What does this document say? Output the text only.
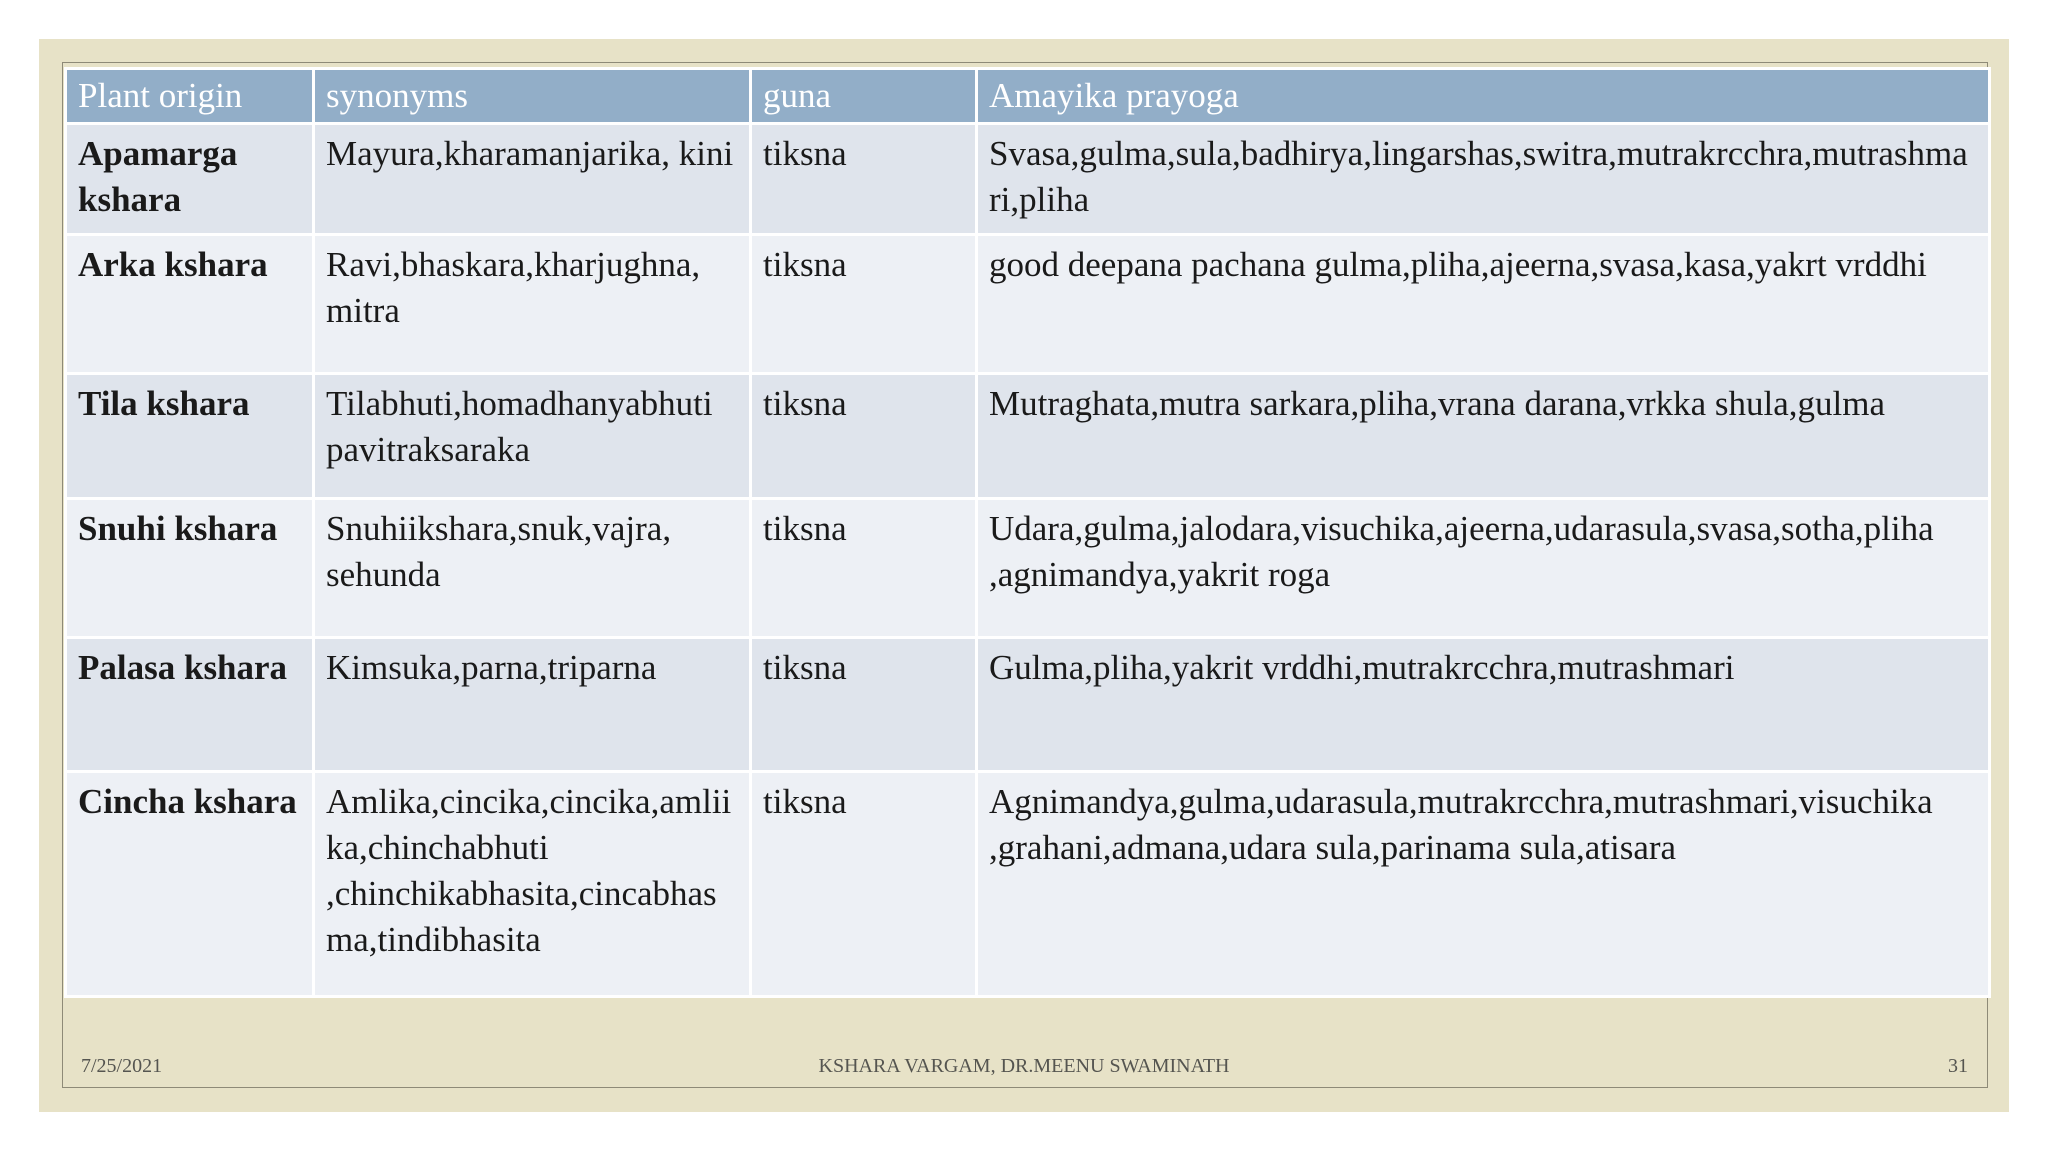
Plant origin	synonyms	guna	Amayika prayoga
Apamarga kshara	Mayura,kharamanjarika, kini	tiksna	Svasa,gulma,sula,badhirya,lingarshas,switra,mutrakrcchra,mutrashmari,pliha
Arka kshara	Ravi,bhaskara,kharjughna, mitra	tiksna	good deepana pachana gulma,pliha,ajeerna,svasa,kasa,yakrt vrddhi
Tila kshara	Tilabhuti,homadhanyabhuti pavitraksaraka	tiksna	Mutraghata,mutra sarkara,pliha,vrana darana,vrkka shula,gulma
Snuhi kshara	Snuhiikshara,snuk,vajra, sehunda	tiksna	Udara,gulma,jalodara,visuchika,ajeerna,udarasula,svasa,sotha,pliha ,agnimandya,yakrit roga
Palasa kshara	Kimsuka,parna,triparna	tiksna	Gulma,pliha,yakrit vrddhi,mutrakrcchra,mutrashmari
Cincha kshara	Amlika,cincika,cincika,amliika,chinchabhuti ,chinchikabhasita,cincabhasma,tindibhasita	tiksna	Agnimandya,gulma,udarasula,mutrakrcchra,mutrashmari,visuchika ,grahani,admana,udara sula,parinama sula,atisara
7/25/2021	KSHARA VARGAM, DR.MEENU SWAMINATH	31
